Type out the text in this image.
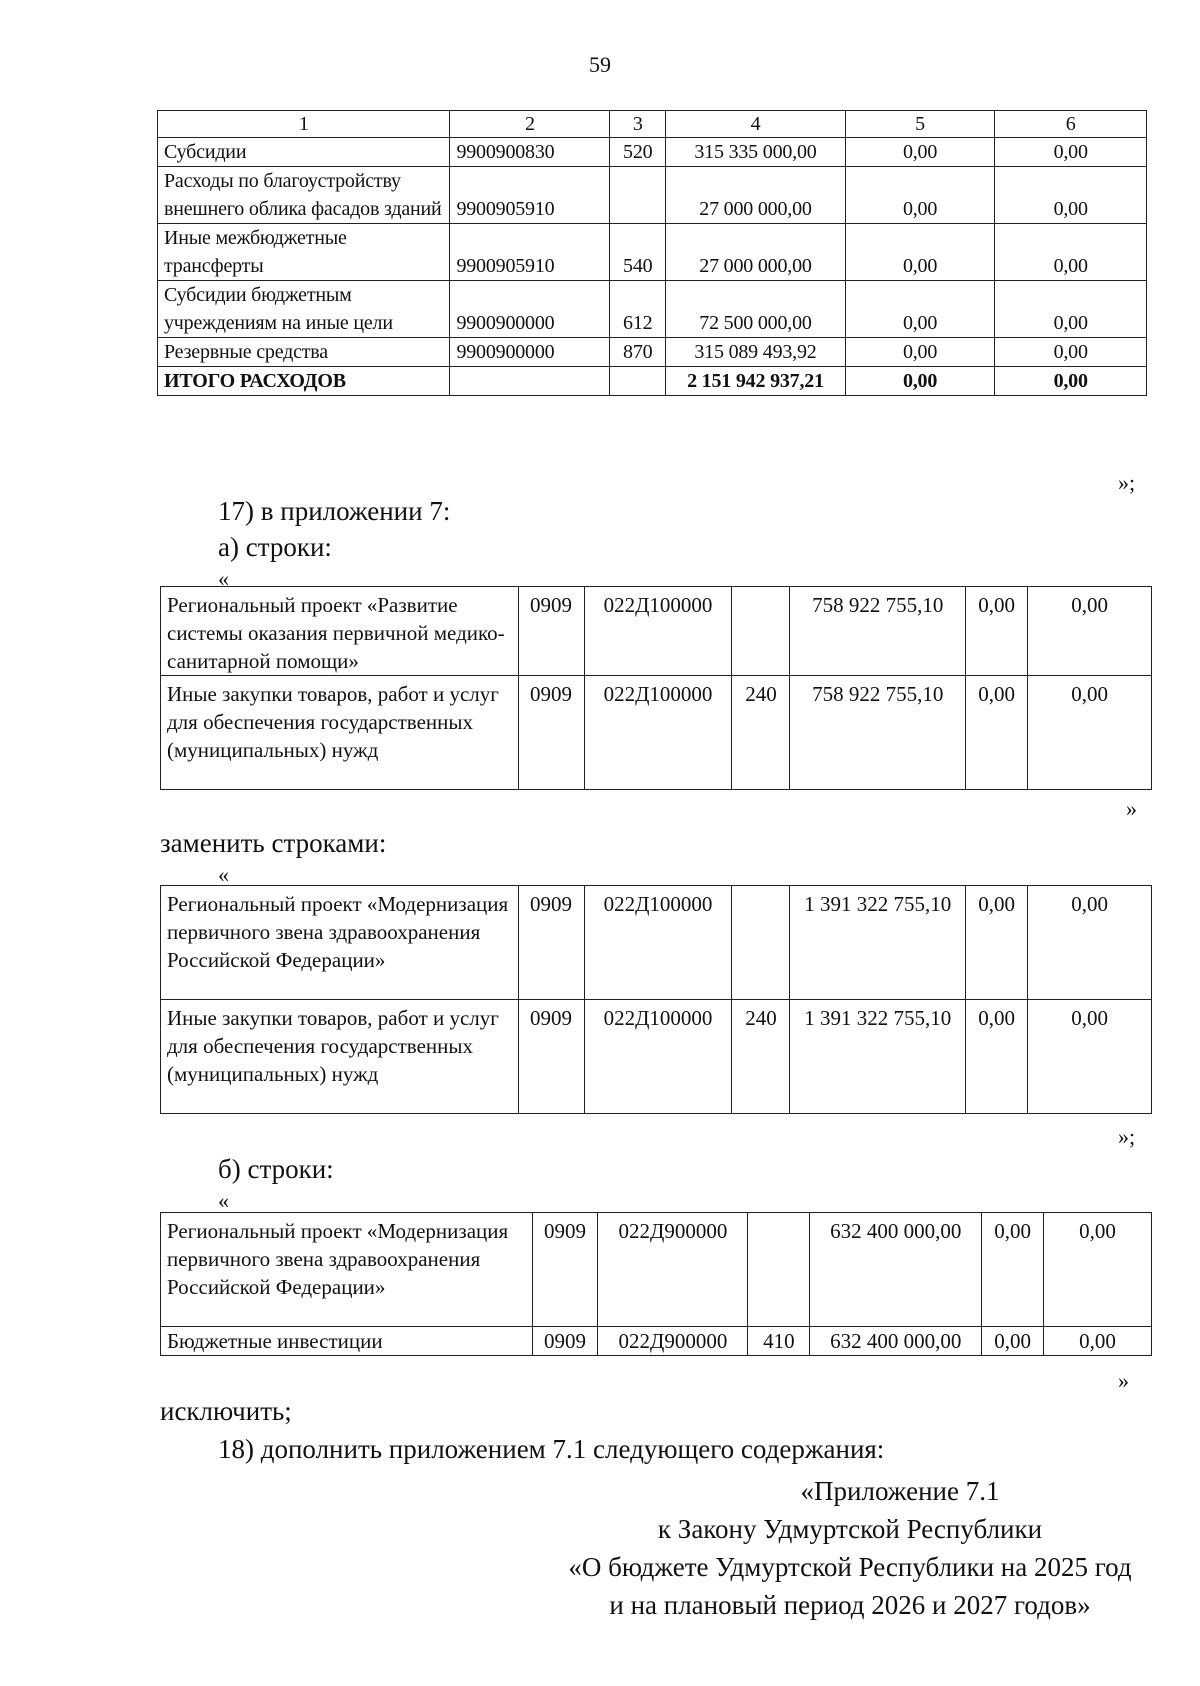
59
1	2	3	4	5	6
Субсидии	9900900830	520	315 335 000,00	0,00	0,00
Расходы по благоустройству внешнего облика фасадов зданий	9900905910		27 000 000,00	0,00	0,00
Иные межбюджетные трансферты	9900905910	540	27 000 000,00	0,00	0,00
Субсидии бюджетным учреждениям на иные цели	9900900000	612	72 500 000,00	0,00	0,00
Резервные средства	9900900000	870	315 089 493,92	0,00	0,00
ИТОГО РАСХОДОВ			2 151 942 937,21	0,00	0,00
»;
17) в приложении 7:
а) строки:
«
Региональный проект «Развитие системы оказания первичной медико-санитарной помощи»	0909	022Д100000		758 922 755,10	0,00	0,00
Иные закупки товаров, работ и услуг для обеспечения государственных (муниципальных) нужд	0909	022Д100000	240	758 922 755,10	0,00	0,00
»
заменить строками:
«
Региональный проект «Модернизация первичного звена здравоохранения Российской Федерации»	0909	022Д100000		1 391 322 755,10	0,00	0,00
Иные закупки товаров, работ и услуг для обеспечения государственных (муниципальных) нужд	0909	022Д100000	240	1 391 322 755,10	0,00	0,00
»;
б) строки:
«
Региональный проект «Модернизация первичного звена здравоохранения Российской Федерации»	0909	022Д900000		632 400 000,00	0,00	0,00
Бюджетные инвестиции	0909	022Д900000	410	632 400 000,00	0,00	0,00
»
исключить;
18) дополнить приложением 7.1 следующего содержания:
«Приложение 7.1
к Закону Удмуртской Республики
«О бюджете Удмуртской Республики на 2025 год
и на плановый период 2026 и 2027 годов»
